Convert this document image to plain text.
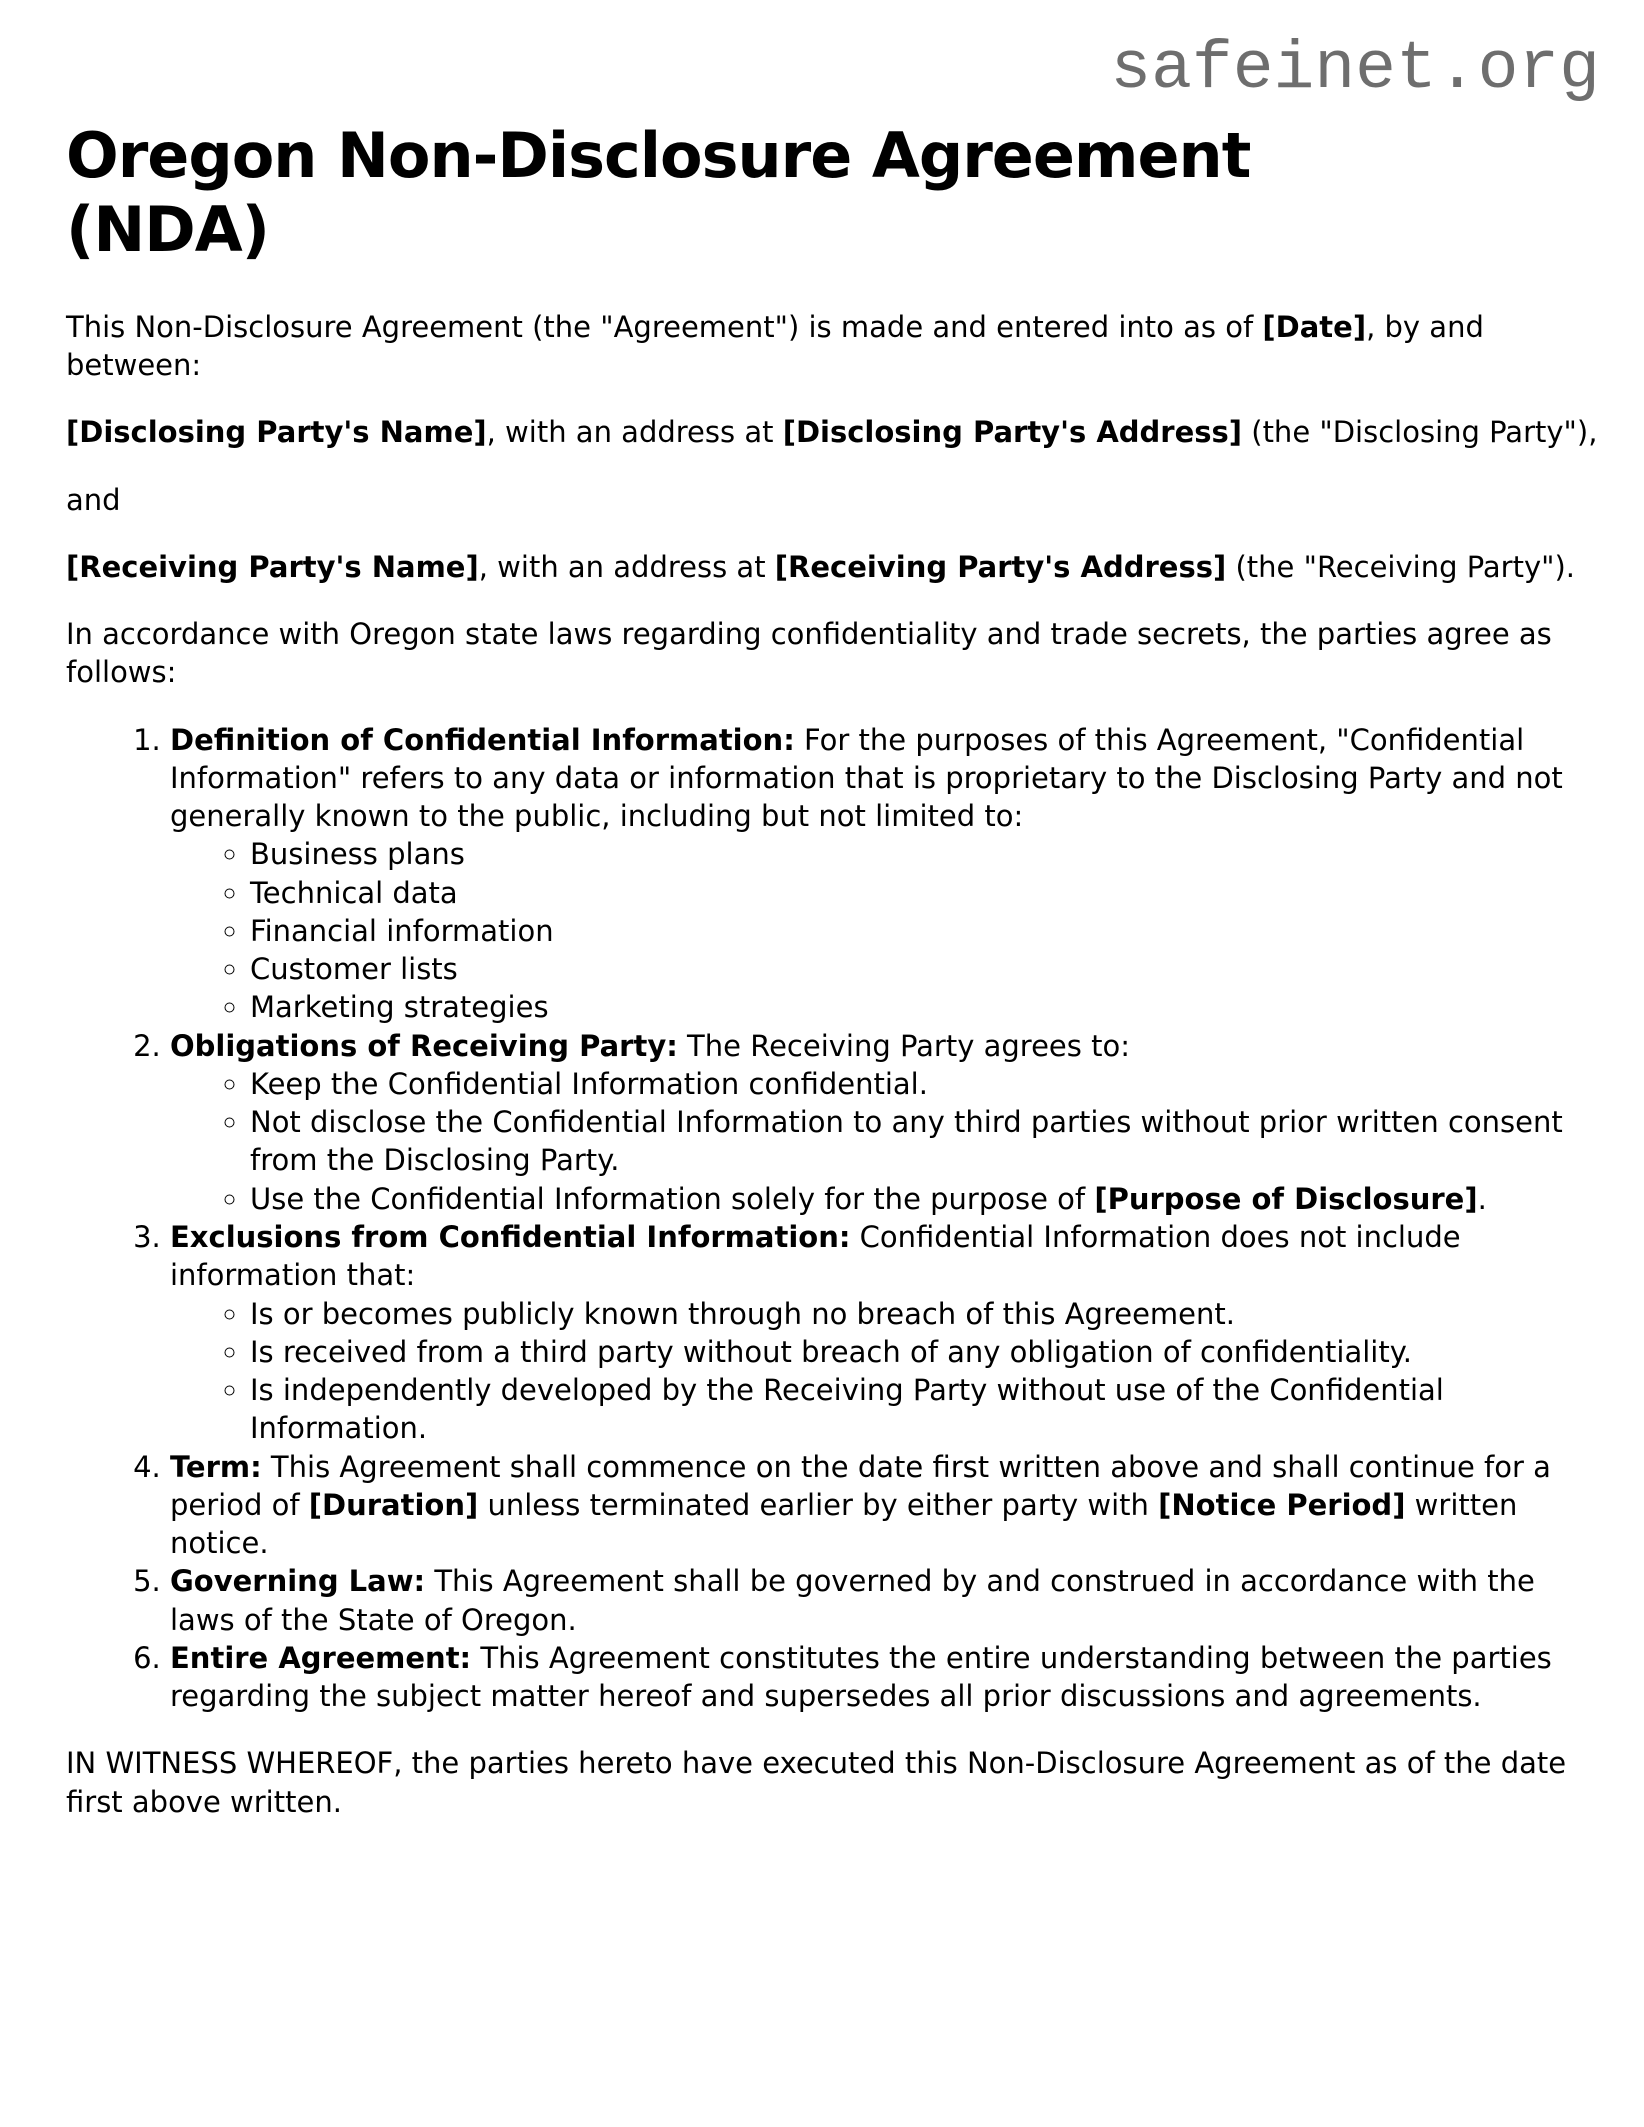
safeinet.org
Oregon Non-Disclosure Agreement (NDA)

This Non-Disclosure Agreement (the "Agreement") is made and entered into as of [Date], by and between:

[Disclosing Party's Name], with an address at [Disclosing Party's Address] (the "Disclosing Party"),

and

[Receiving Party's Name], with an address at [Receiving Party's Address] (the "Receiving Party").

In accordance with Oregon state laws regarding confidentiality and trade secrets, the parties agree as follows:

1. Definition of Confidential Information: For the purposes of this Agreement, "Confidential Information" refers to any data or information that is proprietary to the Disclosing Party and not generally known to the public, including but not limited to:
◦ Business plans
◦ Technical data
◦ Financial information
◦ Customer lists
◦ Marketing strategies
2. Obligations of Receiving Party: The Receiving Party agrees to:
◦ Keep the Confidential Information confidential.
◦ Not disclose the Confidential Information to any third parties without prior written consent from the Disclosing Party.
◦ Use the Confidential Information solely for the purpose of [Purpose of Disclosure].
3. Exclusions from Confidential Information: Confidential Information does not include information that:
◦ Is or becomes publicly known through no breach of this Agreement.
◦ Is received from a third party without breach of any obligation of confidentiality.
◦ Is independently developed by the Receiving Party without use of the Confidential Information.
4. Term: This Agreement shall commence on the date first written above and shall continue for a period of [Duration] unless terminated earlier by either party with [Notice Period] written notice.
5. Governing Law: This Agreement shall be governed by and construed in accordance with the laws of the State of Oregon.
6. Entire Agreement: This Agreement constitutes the entire understanding between the parties regarding the subject matter hereof and supersedes all prior discussions and agreements.

IN WITNESS WHEREOF, the parties hereto have executed this Non-Disclosure Agreement as of the date first above written.
